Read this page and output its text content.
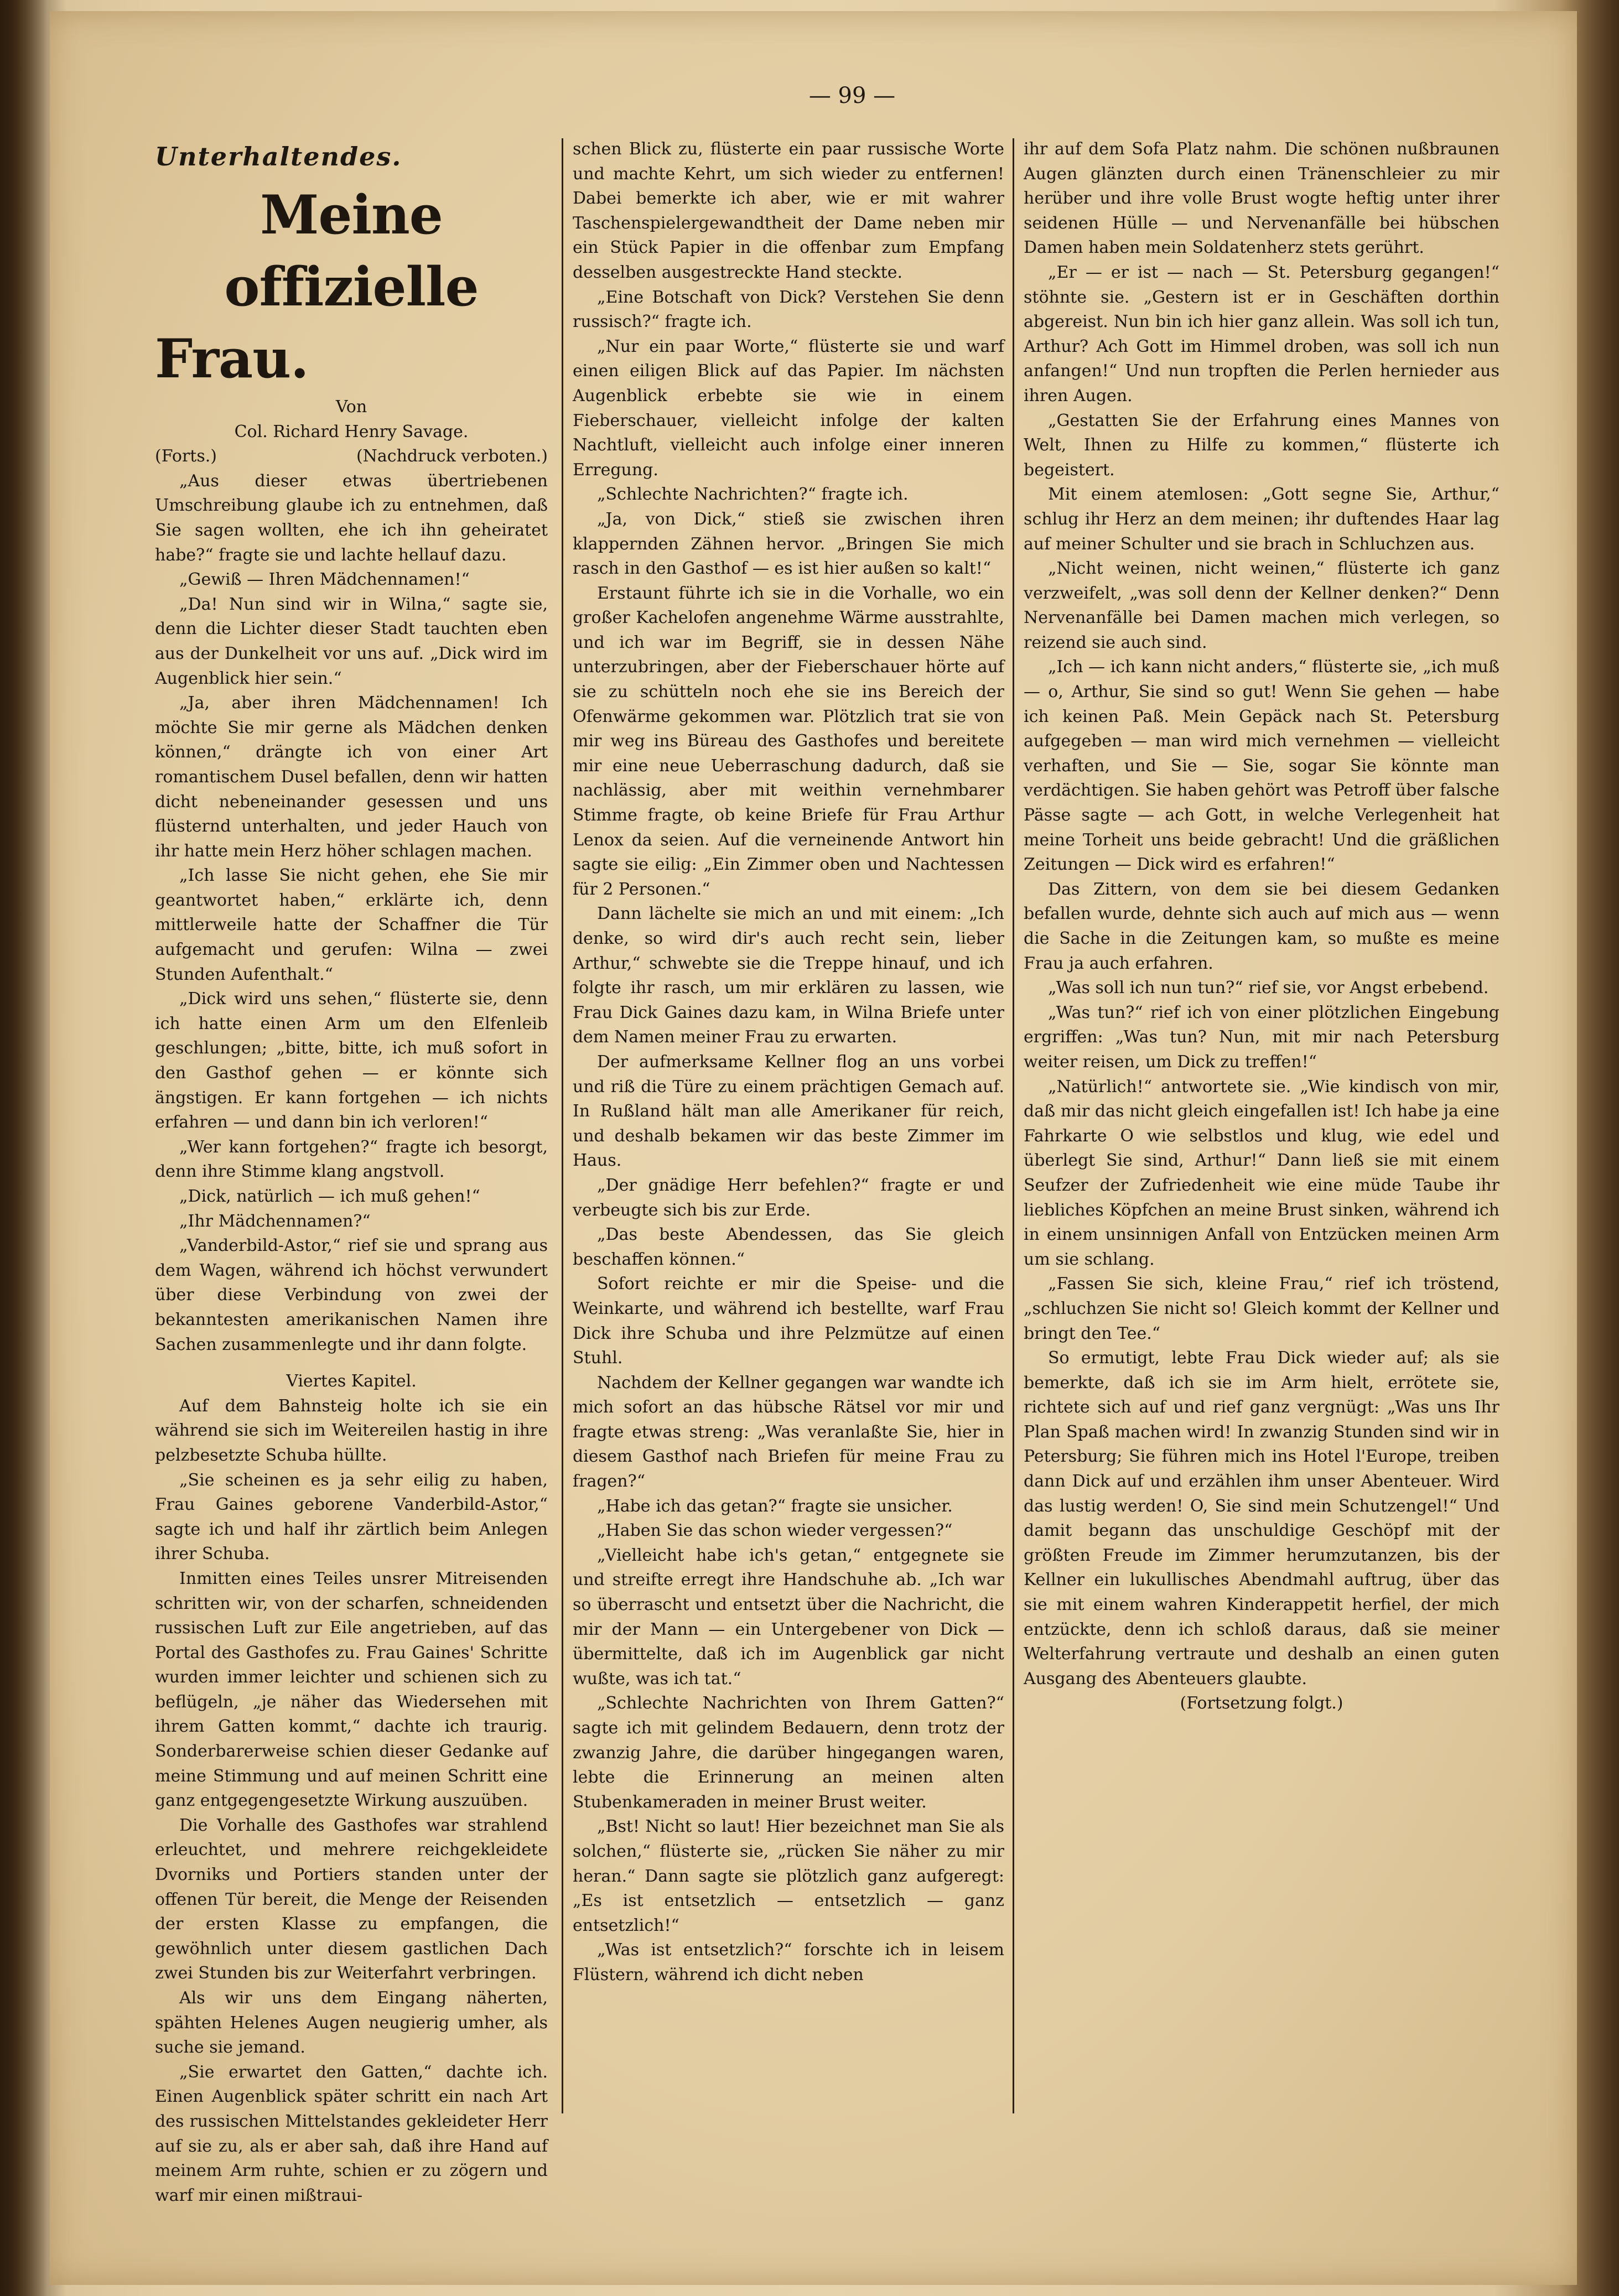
— 99 —

Unterhaltendes.

Meine offizielle Frau.

Von

Col. Richard Henry Savage.

(Forts.)	(Nachdruck verboten.)

„Aus dieser etwas übertriebenen Umschreibung glaube ich zu entnehmen, daß Sie sagen wollten, ehe ich ihn geheiratet habe?“ fragte sie und lachte hellauf dazu.

„Gewiß — Ihren Mädchennamen!“

„Da! Nun sind wir in Wilna,“ sagte sie, denn die Lichter dieser Stadt tauchten eben aus der Dunkelheit vor uns auf. „Dick wird im Augenblick hier sein.“

„Ja, aber ihren Mädchennamen! Ich möchte Sie mir gerne als Mädchen denken können,“ drängte ich von einer Art romantischem Dusel befallen, denn wir hatten dicht nebeneinander gesessen und uns flüsternd unterhalten, und jeder Hauch von ihr hatte mein Herz höher schlagen machen.

„Ich lasse Sie nicht gehen, ehe Sie mir geantwortet haben,“ erklärte ich, denn mittlerweile hatte der Schaffner die Tür aufgemacht und gerufen: Wilna — zwei Stunden Aufenthalt.“

„Dick wird uns sehen,“ flüsterte sie, denn ich hatte einen Arm um den Elfenleib geschlungen; „bitte, bitte, ich muß sofort in den Gasthof gehen — er könnte sich ängstigen. Er kann fortgehen — ich nichts erfahren — und dann bin ich verloren!“

„Wer kann fortgehen?“ fragte ich besorgt, denn ihre Stimme klang angstvoll.

„Dick, natürlich — ich muß gehen!“

„Ihr Mädchennamen?“

„Vanderbild-Astor,“ rief sie und sprang aus dem Wagen, während ich höchst verwundert über diese Verbindung von zwei der bekanntesten amerikanischen Namen ihre Sachen zusammenlegte und ihr dann folgte.

Viertes Kapitel.

Auf dem Bahnsteig holte ich sie ein während sie sich im Weitereilen hastig in ihre pelzbesetzte Schuba hüllte.

„Sie scheinen es ja sehr eilig zu haben, Frau Gaines geborene Vanderbild-Astor,“ sagte ich und half ihr zärtlich beim Anlegen ihrer Schuba.

Inmitten eines Teiles unsrer Mitreisenden schritten wir, von der scharfen, schneidenden russischen Luft zur Eile angetrieben, auf das Portal des Gasthofes zu. Frau Gaines' Schritte wurden immer leichter und schienen sich zu beflügeln, „je näher das Wiedersehen mit ihrem Gatten kommt,“ dachte ich traurig. Sonderbarerweise schien dieser Gedanke auf meine Stimmung und auf meinen Schritt eine ganz entgegengesetzte Wirkung auszuüben.

Die Vorhalle des Gasthofes war strahlend erleuchtet, und mehrere reichgekleidete Dvorniks und Portiers standen unter der offenen Tür bereit, die Menge der Reisenden der ersten Klasse zu empfangen, die gewöhnlich unter diesem gastlichen Dach zwei Stunden bis zur Weiterfahrt verbringen.

Als wir uns dem Eingang näherten, spähten Helenes Augen neugierig umher, als suche sie jemand.

„Sie erwartet den Gatten,“ dachte ich. Einen Augenblick später schritt ein nach Art des russischen Mittelstandes gekleideter Herr auf sie zu, als er aber sah, daß ihre Hand auf meinem Arm ruhte, schien er zu zögern und warf mir einen mißtraui-

schen Blick zu, flüsterte ein paar russische Worte und machte Kehrt, um sich wieder zu entfernen! Dabei bemerkte ich aber, wie er mit wahrer Taschenspielergewandtheit der Dame neben mir ein Stück Papier in die offenbar zum Empfang desselben ausgestreckte Hand steckte.

„Eine Botschaft von Dick? Verstehen Sie denn russisch?“ fragte ich.

„Nur ein paar Worte,“ flüsterte sie und warf einen eiligen Blick auf das Papier. Im nächsten Augenblick erbebte sie wie in einem Fieberschauer, vielleicht infolge der kalten Nachtluft, vielleicht auch infolge einer inneren Erregung.

„Schlechte Nachrichten?“ fragte ich.

„Ja, von Dick,“ stieß sie zwischen ihren klappernden Zähnen hervor. „Bringen Sie mich rasch in den Gasthof — es ist hier außen so kalt!“

Erstaunt führte ich sie in die Vorhalle, wo ein großer Kachelofen angenehme Wärme ausstrahlte, und ich war im Begriff, sie in dessen Nähe unterzubringen, aber der Fieberschauer hörte auf sie zu schütteln noch ehe sie ins Bereich der Ofenwärme gekommen war. Plötzlich trat sie von mir weg ins Büreau des Gasthofes und bereitete mir eine neue Ueberraschung dadurch, daß sie nachlässig, aber mit weithin vernehmbarer Stimme fragte, ob keine Briefe für Frau Arthur Lenox da seien. Auf die verneinende Antwort hin sagte sie eilig: „Ein Zimmer oben und Nachtessen für 2 Personen.“

Dann lächelte sie mich an und mit einem: „Ich denke, so wird dir's auch recht sein, lieber Arthur,“ schwebte sie die Treppe hinauf, und ich folgte ihr rasch, um mir erklären zu lassen, wie Frau Dick Gaines dazu kam, in Wilna Briefe unter dem Namen meiner Frau zu erwarten.

Der aufmerksame Kellner flog an uns vorbei und riß die Türe zu einem prächtigen Gemach auf. In Rußland hält man alle Amerikaner für reich, und deshalb bekamen wir das beste Zimmer im Haus.

„Der gnädige Herr befehlen?“ fragte er und verbeugte sich bis zur Erde.

„Das beste Abendessen, das Sie gleich beschaffen können.“

Sofort reichte er mir die Speise- und die Weinkarte, und während ich bestellte, warf Frau Dick ihre Schuba und ihre Pelzmütze auf einen Stuhl.

Nachdem der Kellner gegangen war wandte ich mich sofort an das hübsche Rätsel vor mir und fragte etwas streng: „Was veranlaßte Sie, hier in diesem Gasthof nach Briefen für meine Frau zu fragen?“

„Habe ich das getan?“ fragte sie unsicher.

„Haben Sie das schon wieder vergessen?“

„Vielleicht habe ich's getan,“ entgegnete sie und streifte erregt ihre Handschuhe ab. „Ich war so überrascht und entsetzt über die Nachricht, die mir der Mann — ein Untergebener von Dick — übermittelte, daß ich im Augenblick gar nicht wußte, was ich tat.“

„Schlechte Nachrichten von Ihrem Gatten?“ sagte ich mit gelindem Bedauern, denn trotz der zwanzig Jahre, die darüber hingegangen waren, lebte die Erinnerung an meinen alten Stubenkameraden in meiner Brust weiter.

„Bst! Nicht so laut! Hier bezeichnet man Sie als solchen,“ flüsterte sie, „rücken Sie näher zu mir heran.“ Dann sagte sie plötzlich ganz aufgeregt: „Es ist entsetzlich — entsetzlich — ganz entsetzlich!“

„Was ist entsetzlich?“ forschte ich in leisem Flüstern, während ich dicht neben

ihr auf dem Sofa Platz nahm. Die schönen nußbraunen Augen glänzten durch einen Tränenschleier zu mir herüber und ihre volle Brust wogte heftig unter ihrer seidenen Hülle — und Nervenanfälle bei hübschen Damen haben mein Soldatenherz stets gerührt.

„Er — er ist — nach — St. Petersburg gegangen!“ stöhnte sie. „Gestern ist er in Geschäften dorthin abgereist. Nun bin ich hier ganz allein. Was soll ich tun, Arthur? Ach Gott im Himmel droben, was soll ich nun anfangen!“ Und nun tropften die Perlen hernieder aus ihren Augen.

„Gestatten Sie der Erfahrung eines Mannes von Welt, Ihnen zu Hilfe zu kommen,“ flüsterte ich begeistert.

Mit einem atemlosen: „Gott segne Sie, Arthur,“ schlug ihr Herz an dem meinen; ihr duftendes Haar lag auf meiner Schulter und sie brach in Schluchzen aus.

„Nicht weinen, nicht weinen,“ flüsterte ich ganz verzweifelt, „was soll denn der Kellner denken?“ Denn Nervenanfälle bei Damen machen mich verlegen, so reizend sie auch sind.

„Ich — ich kann nicht anders,“ flüsterte sie, „ich muß — o, Arthur, Sie sind so gut! Wenn Sie gehen — habe ich keinen Paß. Mein Gepäck nach St. Petersburg aufgegeben — man wird mich vernehmen — vielleicht verhaften, und Sie — Sie, sogar Sie könnte man verdächtigen. Sie haben gehört was Petroff über falsche Pässe sagte — ach Gott, in welche Verlegenheit hat meine Torheit uns beide gebracht! Und die gräßlichen Zeitungen — Dick wird es erfahren!“

Das Zittern, von dem sie bei diesem Gedanken befallen wurde, dehnte sich auch auf mich aus — wenn die Sache in die Zeitungen kam, so mußte es meine Frau ja auch erfahren.

„Was soll ich nun tun?“ rief sie, vor Angst erbebend.

„Was tun?“ rief ich von einer plötzlichen Eingebung ergriffen: „Was tun? Nun, mit mir nach Petersburg weiter reisen, um Dick zu treffen!“

„Natürlich!“ antwortete sie. „Wie kindisch von mir, daß mir das nicht gleich eingefallen ist! Ich habe ja eine Fahrkarte O wie selbstlos und klug, wie edel und überlegt Sie sind, Arthur!“ Dann ließ sie mit einem Seufzer der Zufriedenheit wie eine müde Taube ihr liebliches Köpfchen an meine Brust sinken, während ich in einem unsinnigen Anfall von Entzücken meinen Arm um sie schlang.

„Fassen Sie sich, kleine Frau,“ rief ich tröstend, „schluchzen Sie nicht so! Gleich kommt der Kellner und bringt den Tee.“

So ermutigt, lebte Frau Dick wieder auf; als sie bemerkte, daß ich sie im Arm hielt, errötete sie, richtete sich auf und rief ganz vergnügt: „Was uns Ihr Plan Spaß machen wird! In zwanzig Stunden sind wir in Petersburg; Sie führen mich ins Hotel l'Europe, treiben dann Dick auf und erzählen ihm unser Abenteuer. Wird das lustig werden! O, Sie sind mein Schutzengel!“ Und damit begann das unschuldige Geschöpf mit der größten Freude im Zimmer herumzutanzen, bis der Kellner ein lukullisches Abendmahl auftrug, über das sie mit einem wahren Kinderappetit herfiel, der mich entzückte, denn ich schloß daraus, daß sie meiner Welterfahrung vertraute und deshalb an einen guten Ausgang des Abenteuers glaubte.

(Fortsetzung folgt.)
